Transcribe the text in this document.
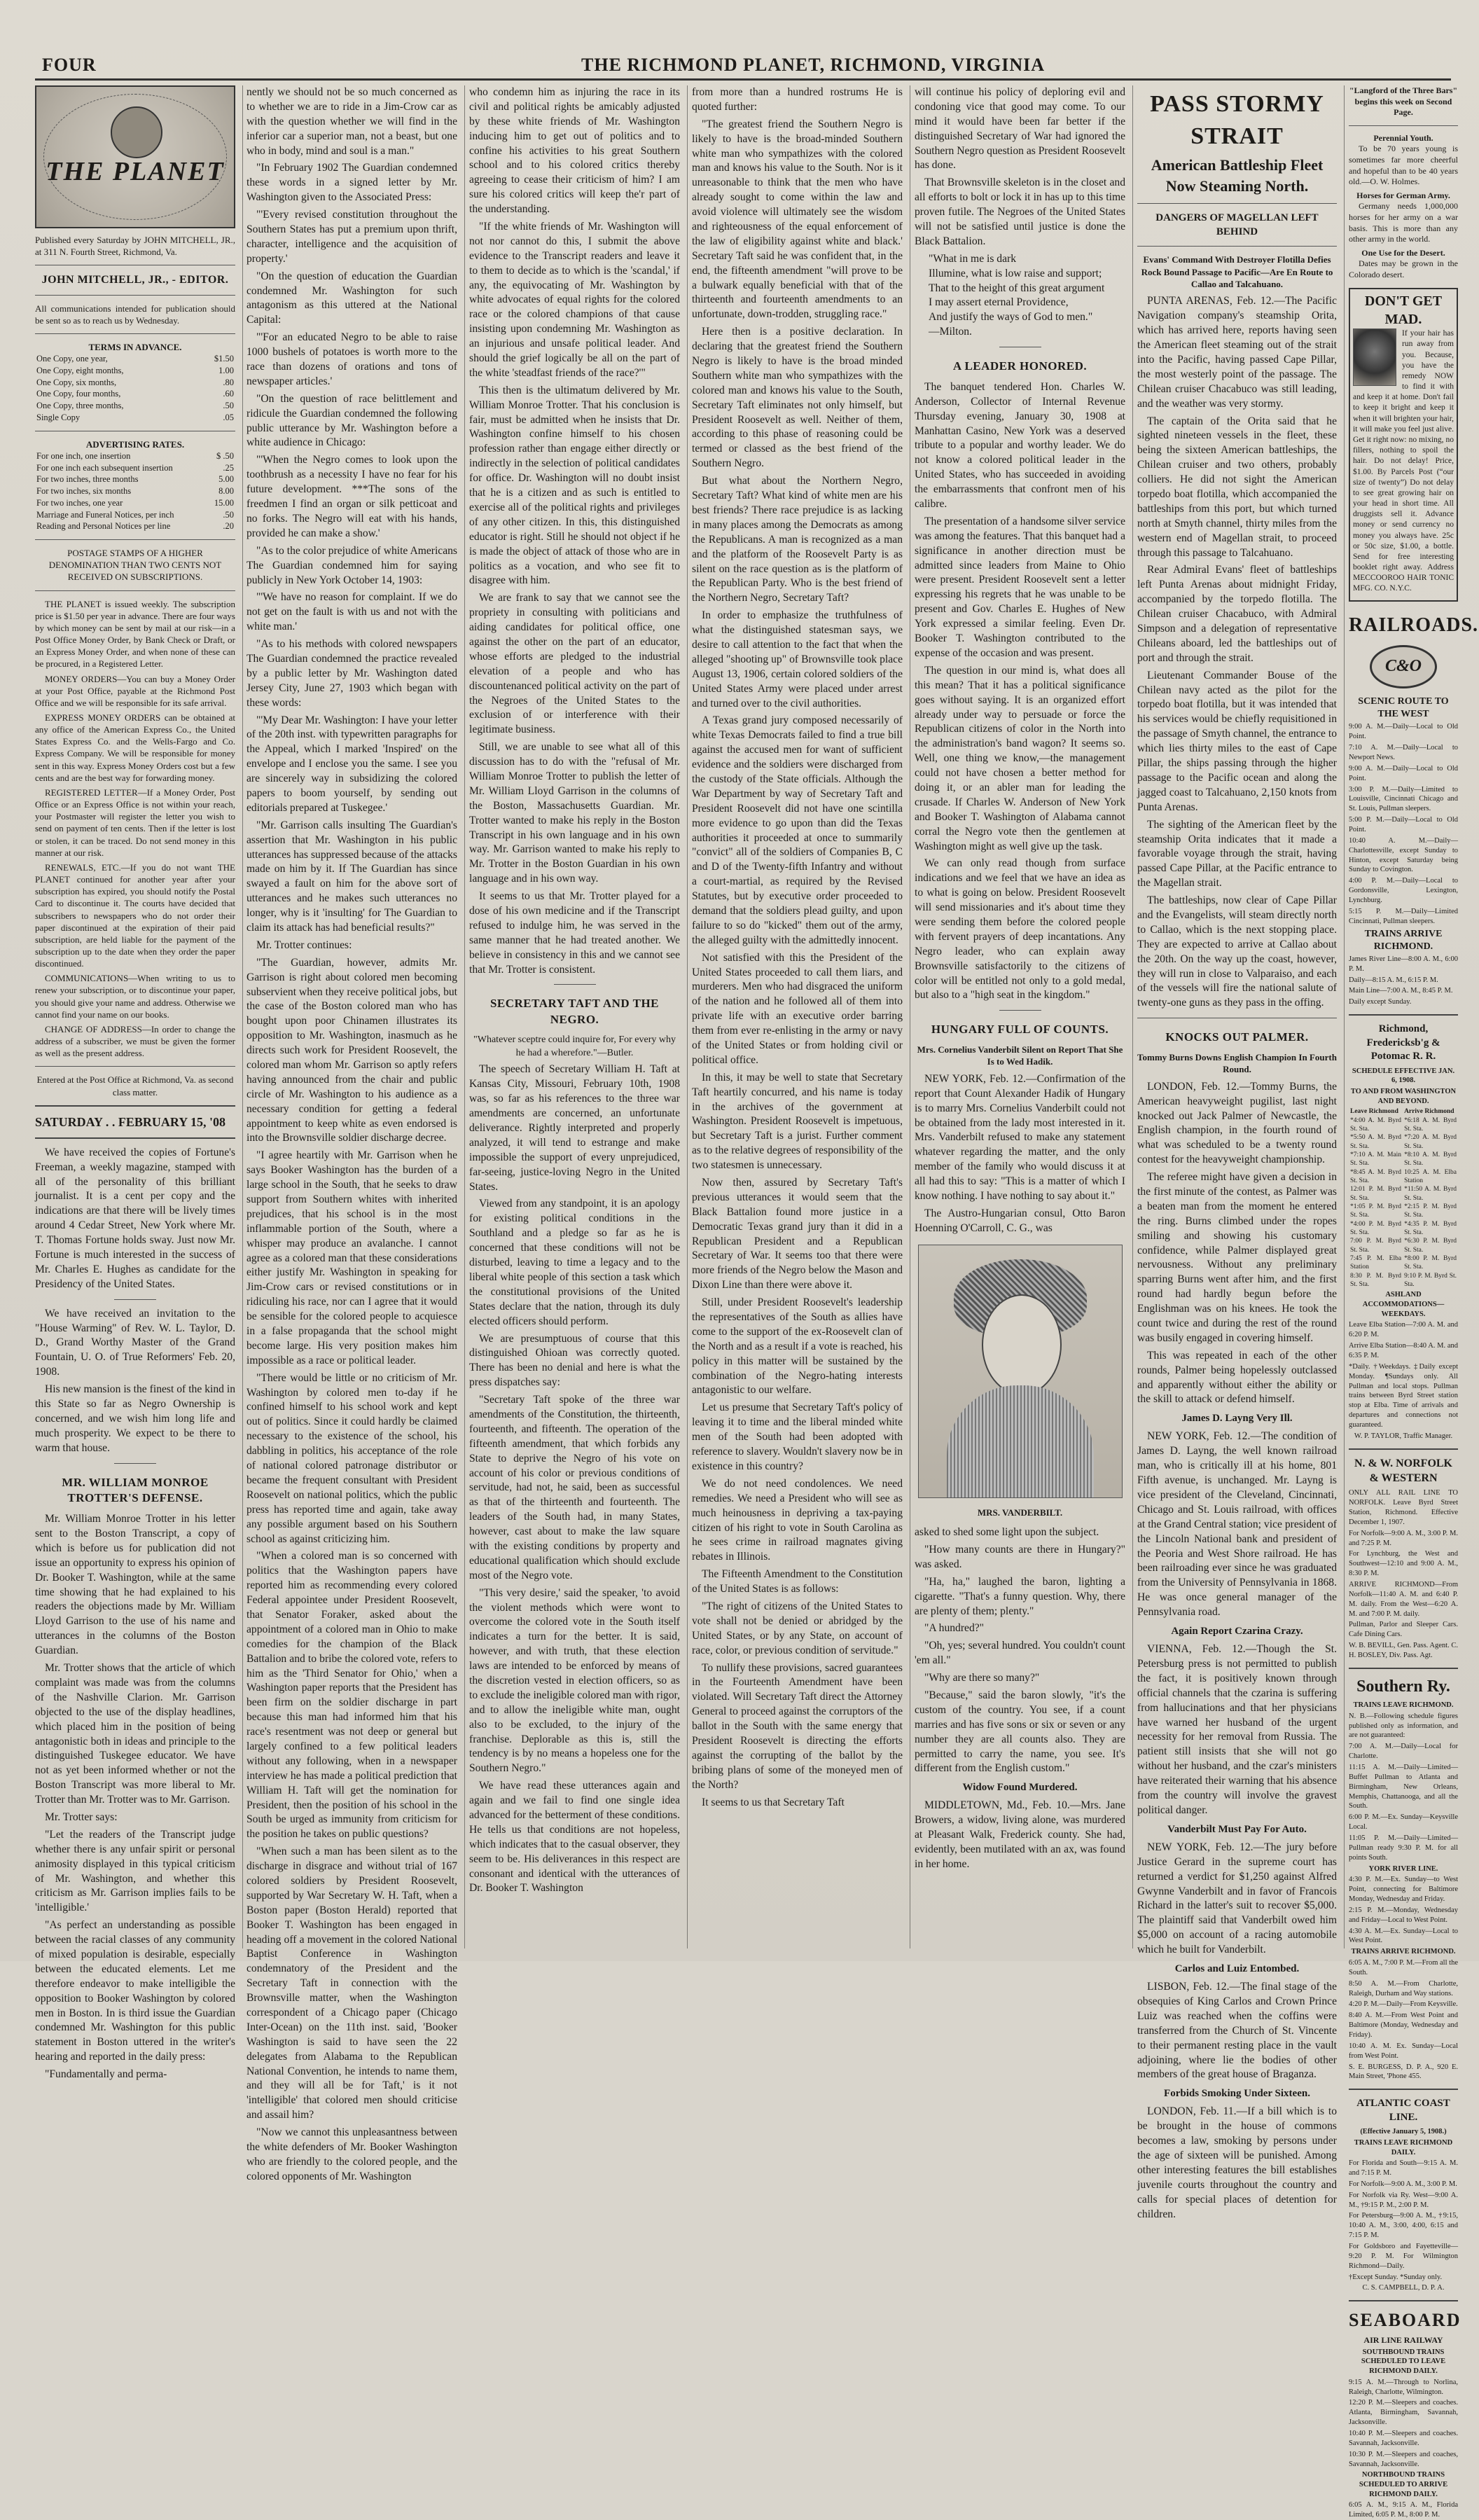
FOUR	THE RICHMOND PLANET, RICHMOND, VIRGINIA
THE PLANET

Published every Saturday by JOHN MITCHELL, JR., at 311 N. Fourth Street, Richmond, Va.

JOHN MITCHELL, JR., - EDITOR.

All communications intended for publication should be sent so as to reach us by Wednesday.

TERMS IN ADVANCE.
One Copy, one year,	$1.50
One Copy, eight months,	1.00
One Copy, six months,	.80
One Copy, four months,	.60
One Copy, three months,	.50
Single Copy	.05
ADVERTISING RATES.
For one inch, one insertion	$ .50
For one inch each subsequent insertion	.25
For two inches, three months	5.00
For two inches, six months	8.00
For two inches, one year	15.00
Marriage and Funeral Notices, per inch	.50
Reading and Personal Notices per line	.20

POSTAGE STAMPS OF A HIGHER DENOMINATION THAN TWO CENTS NOT RECEIVED ON SUBSCRIPTIONS.

THE PLANET is issued weekly. The subscription price is $1.50 per year in advance. There are four ways by which money can be sent by mail at our risk—in a Post Office Money Order, by Bank Check or Draft, or an Express Money Order, and when none of these can be procured, in a Registered Letter.

MONEY ORDERS—You can buy a Money Order at your Post Office, payable at the Richmond Post Office and we will be responsible for its safe arrival.

EXPRESS MONEY ORDERS can be obtained at any office of the American Express Co., the United States Express Co. and the Wells-Fargo and Co. Express Company. We will be responsible for money sent in this way. Express Money Orders cost but a few cents and are the best way for forwarding money.

REGISTERED LETTER—If a Money Order, Post Office or an Express Office is not within your reach, your Postmaster will register the letter you wish to send on payment of ten cents. Then if the letter is lost or stolen, it can be traced. Do not send money in this manner at our risk.

RENEWALS, ETC.—If you do not want THE PLANET continued for another year after your subscription has expired, you should notify the Postal Card to discontinue it. The courts have decided that subscribers to newspapers who do not order their paper discontinued at the expiration of their paid subscription, are held liable for the payment of the subscription up to the date when they order the paper discontinued.

COMMUNICATIONS—When writing to us to renew your subscription, or to discontinue your paper, you should give your name and address. Otherwise we cannot find your name on our books.

CHANGE OF ADDRESS—In order to change the address of a subscriber, we must be given the former as well as the present address.

Entered at the Post Office at Richmond, Va. as second class matter.

SATURDAY . . FEBRUARY 15, '08

We have received the copies of Fortune's Freeman, a weekly magazine, stamped with all of the personality of this brilliant journalist. It is a cent per copy and the indications are that there will be lively times around 4 Cedar Street, New York where Mr. T. Thomas Fortune holds sway. Just now Mr. Fortune is much interested in the success of Mr. Charles E. Hughes as candidate for the Presidency of the United States.

We have received an invitation to the "House Warming" of Rev. W. L. Taylor, D. D., Grand Worthy Master of the Grand Fountain, U. O. of True Reformers' Feb. 20, 1908.

His new mansion is the finest of the kind in this State so far as Negro Ownership is concerned, and we wish him long life and much prosperity. We expect to be there to warm that house.

MR. WILLIAM MONROE TROTTER'S DEFENSE.

Mr. William Monroe Trotter in his letter sent to the Boston Transcript, a copy of which is before us for publication did not issue an opportunity to express his opinion of Dr. Booker T. Washington, while at the same time showing that he had explained to his readers the objections made by Mr. William Lloyd Garrison to the use of his name and utterances in the columns of the Boston Guardian.

Mr. Trotter shows that the article of which complaint was made was from the columns of the Nashville Clarion. Mr. Garrison objected to the use of the display headlines, which placed him in the position of being antagonistic both in ideas and principle to the distinguished Tuskegee educator. We have not as yet been informed whether or not the Boston Transcript was more liberal to Mr. Trotter than Mr. Trotter was to Mr. Garrison.

Mr. Trotter says:

"Let the readers of the Transcript judge whether there is any unfair spirit or personal animosity displayed in this typical criticism of Mr. Washington, and whether this criticism as Mr. Garrison implies fails to be 'intelligible.'

"As perfect an understanding as possible between the racial classes of any community of mixed population is desirable, especially between the educated elements. Let me therefore endeavor to make intelligible the opposition to Booker Washington by colored men in Boston. In is third issue the Guardian condemned Mr. Washington for this public statement in Boston uttered in the writer's hearing and reported in the daily press:

"Fundamentally and perma-

nently we should not be so much concerned as to whether we are to ride in a Jim-Crow car as with the question whether we will find in the inferior car a superior man, not a beast, but one who in body, mind and soul is a man."

"In February 1902 The Guardian condemned these words in a signed letter by Mr. Washington given to the Associated Press:

"'Every revised constitution throughout the Southern States has put a premium upon thrift, character, intelligence and the acquisition of property.'

"On the question of education the Guardian condemned Mr. Washington for such antagonism as this uttered at the National Capital:

"'For an educated Negro to be able to raise 1000 bushels of potatoes is worth more to the race than dozens of orations and tons of newspaper articles.'

"On the question of race belittlement and ridicule the Guardian condemned the following public utterance by Mr. Washington before a white audience in Chicago:

"'When the Negro comes to look upon the toothbrush as a necessity I have no fear for his future development. ***The sons of the freedmen I find an organ or silk petticoat and no forks. The Negro will eat with his hands, provided he can make a show.'

"As to the color prejudice of white Americans The Guardian condemned him for saying publicly in New York October 14, 1903:

"'We have no reason for complaint. If we do not get on the fault is with us and not with the white man.'

"As to his methods with colored newspapers The Guardian condemned the practice revealed by a public letter by Mr. Washington dated Jersey City, June 27, 1903 which began with these words:

"'My Dear Mr. Washington: I have your letter of the 20th inst. with typewritten paragraphs for the Appeal, which I marked 'Inspired' on the envelope and I enclose you the same. I see you are sincerely way in subsidizing the colored papers to boom yourself, by sending out editorials prepared at Tuskegee.'

"Mr. Garrison calls insulting The Guardian's assertion that Mr. Washington in his public utterances has suppressed because of the attacks made on him by it. If The Guardian has since swayed a fault on him for the above sort of utterances and he makes such utterances no longer, why is it 'insulting' for The Guardian to claim its attack has had beneficial results?"

Mr. Trotter continues:

"The Guardian, however, admits Mr. Garrison is right about colored men becoming subservient when they receive political jobs, but the case of the Boston colored man who has bought upon poor Chinamen illustrates its opposition to Mr. Washington, inasmuch as he directs such work for President Roosevelt, the colored man whom Mr. Garrison so aptly refers having announced from the chair and public circle of Mr. Washington to his audience as a necessary condition for getting a federal appointment to keep white as even endorsed is into the Brownsville soldier discharge decree.

"I agree heartily with Mr. Garrison when he says Booker Washington has the burden of a large school in the South, that he seeks to draw support from Southern whites with inherited prejudices, that his school is in the most inflammable portion of the South, where a whisper may produce an avalanche. I cannot agree as a colored man that these considerations either justify Mr. Washington in speaking for Jim-Crow cars or revised constitutions or in ridiculing his race, nor can I agree that it would be sensible for the colored people to acquiesce in a false propaganda that the school might become large. His very position makes him impossible as a race or political leader.

"There would be little or no criticism of Mr. Washington by colored men to-day if he confined himself to his school work and kept out of politics. Since it could hardly be claimed necessary to the existence of the school, his dabbling in politics, his acceptance of the role of national colored patronage distributor or became the frequent consultant with President Roosevelt on national politics, which the public press has reported time and again, take away any possible argument based on his Southern school as against criticizing him.

"When a colored man is so concerned with politics that the Washington papers have reported him as recommending every colored Federal appointee under President Roosevelt, that Senator Foraker, asked about the appointment of a colored man in Ohio to make comedies for the champion of the Black Battalion and to bribe the colored vote, refers to him as the 'Third Senator for Ohio,' when a Washington paper reports that the President has been firm on the soldier discharge in part because this man had informed him that his race's resentment was not deep or general but largely confined to a few political leaders without any following, when in a newspaper interview he has made a political prediction that William H. Taft will get the nomination for President, then the position of his school in the South be urged as immunity from criticism for the position he takes on public questions?

"When such a man has been silent as to the discharge in disgrace and without trial of 167 colored soldiers by President Roosevelt, supported by War Secretary W. H. Taft, when a Boston paper (Boston Herald) reported that Booker T. Washington has been engaged in heading off a movement in the colored National Baptist Conference in Washington condemnatory of the President and the Secretary Taft in connection with the Brownsville matter, when the Washington correspondent of a Chicago paper (Chicago Inter-Ocean) on the 11th inst. said, 'Booker Washington is said to have seen the 22 delegates from Alabama to the Republican National Convention, he intends to name them, and they will all be for Taft,' is it not 'intelligible' that colored men should criticise and assail him?

"Now we cannot this unpleasantness between the white defenders of Mr. Booker Washington who are friendly to the colored people, and the colored opponents of Mr. Washington

who condemn him as injuring the race in its civil and political rights be amicably adjusted by these white friends of Mr. Washington inducing him to get out of politics and to confine his activities to his great Southern school and to his colored critics thereby agreeing to cease their criticism of him? I am sure his colored critics will keep the'r part of the understanding.

"If the white friends of Mr. Washington will not nor cannot do this, I submit the above evidence to the Transcript readers and leave it to them to decide as to which is the 'scandal,' if any, the equivocating of Mr. Washington by white advocates of equal rights for the colored race or the colored champions of that cause insisting upon condemning Mr. Washington as an injurious and unsafe political leader. And should the grief logically be all on the part of the white 'steadfast friends of the race?'"

This then is the ultimatum delivered by Mr. William Monroe Trotter. That his conclusion is fair, must be admitted when he insists that Dr. Washington confine himself to his chosen profession rather than engage either directly or indirectly in the selection of political candidates for office. Dr. Washington will no doubt insist that he is a citizen and as such is entitled to exercise all of the political rights and privileges of any other citizen. In this, this distinguished educator is right. Still he should not object if he is made the object of attack of those who are in politics as a vocation, and who see fit to disagree with him.

We are frank to say that we cannot see the propriety in consulting with politicians and aiding candidates for political office, one against the other on the part of an educator, whose efforts are pledged to the industrial elevation of a people and who has discountenanced political activity on the part of the Negroes of the United States to the exclusion of or interference with their legitimate business.

Still, we are unable to see what all of this discussion has to do with the "refusal of Mr. William Monroe Trotter to publish the letter of Mr. William Lloyd Garrison in the columns of the Boston, Massachusetts Guardian. Mr. Trotter wanted to make his reply in the Boston Transcript in his own language and in his own way. Mr. Garrison wanted to make his reply to Mr. Trotter in the Boston Guardian in his own language and in his own way.

It seems to us that Mr. Trotter played for a dose of his own medicine and if the Transcript refused to indulge him, he was served in the same manner that he had treated another. We believe in consistency in this and we cannot see that Mr. Trotter is consistent.

SECRETARY TAFT AND THE NEGRO.

"Whatever sceptre could inquire for, For every why he had a wherefore."—Butler.

The speech of Secretary William H. Taft at Kansas City, Missouri, February 10th, 1908 was, so far as his references to the three war amendments are concerned, an unfortunate deliverance. Rightly interpreted and properly analyzed, it will tend to estrange and make impossible the support of every unprejudiced, far-seeing, justice-loving Negro in the United States.

Viewed from any standpoint, it is an apology for existing political conditions in the Southland and a pledge so far as he is concerned that these conditions will not be disturbed, leaving to time a legacy and to the liberal white people of this section a task which the constitutional provisions of the United States declare that the nation, through its duly elected officers should perform.

We are presumptuous of course that this distinguished Ohioan was correctly quoted. There has been no denial and here is what the press dispatches say:

"Secretary Taft spoke of the three war amendments of the Constitution, the thirteenth, fourteenth, and fifteenth. The operation of the fifteenth amendment, that which forbids any State to deprive the Negro of his vote on account of his color or previous conditions of servitude, had not, he said, been as successful as that of the thirteenth and fourteenth. The leaders of the South had, in many States, however, cast about to make the law square with the existing conditions by property and educational qualification which should exclude most of the Negro vote.

"This very desire,' said the speaker, 'to avoid the violent methods which were wont to overcome the colored vote in the South itself indicates a turn for the better. It is said, however, and with truth, that these election laws are intended to be enforced by means of the discretion vested in election officers, so as to exclude the ineligible colored man with rigor, and to allow the ineligible white man, ought also to be excluded, to the injury of the franchise. Deplorable as this is, still the tendency is by no means a hopeless one for the Southern Negro."

We have read these utterances again and again and we fail to find one single idea advanced for the betterment of these conditions. He tells us that conditions are not hopeless, which indicates that to the casual observer, they seem to be. His deliverances in this respect are consonant and identical with the utterances of Dr. Booker T. Washington

from more than a hundred rostrums He is quoted further:

"The greatest friend the Southern Negro is likely to have is the broad-minded Southern white man who sympathizes with the colored man and knows his value to the South. Nor is it unreasonable to think that the men who have already sought to come within the law and avoid violence will ultimately see the wisdom and righteousness of the equal enforcement of the law of eligibility against white and black.' Secretary Taft said he was confident that, in the end, the fifteenth amendment "will prove to be a bulwark equally beneficial with that of the thirteenth and fourteenth amendments to an unfortunate, down-trodden, struggling race."

Here then is a positive declaration. In declaring that the greatest friend the Southern Negro is likely to have is the broad minded Southern white man who sympathizes with the colored man and knows his value to the South, Secretary Taft eliminates not only himself, but President Roosevelt as well. Neither of them, according to this phase of reasoning could be termed or classed as the best friend of the Southern Negro.

But what about the Northern Negro, Secretary Taft? What kind of white men are his best friends? There race prejudice is as lacking in many places among the Democrats as among the Republicans. A man is recognized as a man and the platform of the Roosevelt Party is as silent on the race question as is the platform of the Republican Party. Who is the best friend of the Northern Negro, Secretary Taft?

In order to emphasize the truthfulness of what the distinguished statesman says, we desire to call attention to the fact that when the alleged "shooting up" of Brownsville took place August 13, 1906, certain colored soldiers of the United States Army were placed under arrest and turned over to the civil authorities.

A Texas grand jury composed necessarily of white Texas Democrats failed to find a true bill against the accused men for want of sufficient evidence and the soldiers were discharged from the custody of the State officials. Although the War Department by way of Secretary Taft and President Roosevelt did not have one scintilla more evidence to go upon than did the Texas authorities it proceeded at once to summarily "convict" all of the soldiers of Companies B, C and D of the Twenty-fifth Infantry and without a court-martial, as required by the Revised Statutes, but by executive order proceeded to demand that the soldiers plead guilty, and upon failure to so do "kicked" them out of the army, the alleged guilty with the admittedly innocent.

Not satisfied with this the President of the United States proceeded to call them liars, and murderers. Men who had disgraced the uniform of the nation and he followed all of them into private life with an executive order barring them from ever re-enlisting in the army or navy of the United States or from holding civil or political office.

In this, it may be well to state that Secretary Taft heartily concurred, and his name is today in the archives of the government at Washington. President Roosevelt is impetuous, but Secretary Taft is a jurist. Further comment as to the relative degrees of responsibility of the two statesmen is unnecessary.

Now then, assured by Secretary Taft's previous utterances it would seem that the Black Battalion found more justice in a Democratic Texas grand jury than it did in a Republican President and a Republican Secretary of War. It seems too that there were more friends of the Negro below the Mason and Dixon Line than there were above it.

Still, under President Roosevelt's leadership the representatives of the South as allies have come to the support of the ex-Roosevelt clan of the North and as a result if a vote is reached, his policy in this matter will be sustained by the combination of the Negro-hating interests antagonistic to our welfare.

Let us presume that Secretary Taft's policy of leaving it to time and the liberal minded white men of the South had been adopted with reference to slavery. Wouldn't slavery now be in existence in this country?

We do not need condolences. We need remedies. We need a President who will see as much heinousness in depriving a tax-paying citizen of his right to vote in South Carolina as he sees crime in railroad magnates giving rebates in Illinois.

The Fifteenth Amendment to the Constitution of the United States is as follows:

"The right of citizens of the United States to vote shall not be denied or abridged by the United States, or by any State, on account of race, color, or previous condition of servitude."

To nullify these provisions, sacred guarantees in the Fourteenth Amendment have been violated. Will Secretary Taft direct the Attorney General to proceed against the corruptors of the ballot in the South with the same energy that President Roosevelt is directing the efforts against the corrupting of the ballot by the bribing plans of some of the moneyed men of the North?

It seems to us that Secretary Taft

will continue his policy of deploring evil and condoning vice that good may come. To our mind it would have been far better if the distinguished Secretary of War had ignored the Southern Negro question as President Roosevelt has done.

That Brownsville skeleton is in the closet and all efforts to bolt or lock it in has up to this time proven futile. The Negroes of the United States will not be satisfied until justice is done the Black Battalion.

"What in me is dark
Illumine, what is low raise and support;
That to the height of this great argument
I may assert eternal Providence,
And justify the ways of God to men."
—Milton.

A LEADER HONORED.

The banquet tendered Hon. Charles W. Anderson, Collector of Internal Revenue Thursday evening, January 30, 1908 at Manhattan Casino, New York was a deserved tribute to a popular and worthy leader. We do not know a colored political leader in the United States, who has succeeded in avoiding the embarrassments that confront men of his calibre.

The presentation of a handsome silver service was among the features. That this banquet had a significance in another direction must be admitted since leaders from Maine to Ohio were present. President Roosevelt sent a letter expressing his regrets that he was unable to be present and Gov. Charles E. Hughes of New York expressed a similar feeling. Even Dr. Booker T. Washington contributed to the expense of the occasion and was present.

The question in our mind is, what does all this mean? That it has a political significance goes without saying. It is an organized effort already under way to persuade or force the Republican citizens of color in the North into the administration's band wagon? It seems so. Well, one thing we know,—the management could not have chosen a better method for doing it, or an abler man for leading the crusade. If Charles W. Anderson of New York and Booker T. Washington of Alabama cannot corral the Negro vote then the gentlemen at Washington might as well give up the task.

We can only read though from surface indications and we feel that we have an idea as to what is going on below. President Roosevelt will send missionaries and it's about time they were sending them before the colored people with fervent prayers of deep incantations. Any Negro leader, who can explain away Brownsville satisfactorily to the citizens of color will be entitled not only to a gold medal, but also to a "high seat in the kingdom."

HUNGARY FULL OF COUNTS.
Mrs. Cornelius Vanderbilt Silent on Report That She Is to Wed Hadik.

NEW YORK, Feb. 12.—Confirmation of the report that Count Alexander Hadik of Hungary is to marry Mrs. Cornelius Vanderbilt could not be obtained from the lady most interested in it. Mrs. Vanderbilt refused to make any statement whatever regarding the matter, and the only member of the family who would discuss it at all had this to say: "This is a matter of which I know nothing. I have nothing to say about it."

The Austro-Hungarian consul, Otto Baron Hoenning O'Carroll, C. G., was

MRS. VANDERBILT.

asked to shed some light upon the subject.

"How many counts are there in Hungary?" was asked.

"Ha, ha," laughed the baron, lighting a cigarette. "That's a funny question. Why, there are plenty of them; plenty."

"A hundred?"

"Oh, yes; several hundred. You couldn't count 'em all."

"Why are there so many?"

"Because," said the baron slowly, "it's the custom of the country. You see, if a count marries and has five sons or six or seven or any number they are all counts also. They are permitted to carry the name, you see. It's different from the English custom."

Widow Found Murdered.

MIDDLETOWN, Md., Feb. 10.—Mrs. Jane Browers, a widow, living alone, was murdered at Pleasant Walk, Frederick county. She had, evidently, been mutilated with an ax, was found in her home.

PASS STORMY STRAIT
American Battleship Fleet Now Steaming North.
DANGERS OF MAGELLAN LEFT BEHIND
Evans' Command With Destroyer Flotilla Defies Rock Bound Passage to Pacific—Are En Route to Callao and Talcahuano.

PUNTA ARENAS, Feb. 12.—The Pacific Navigation company's steamship Orita, which has arrived here, reports having seen the American fleet steaming out of the strait into the Pacific, having passed Cape Pillar, the most westerly point of the passage. The Chilean cruiser Chacabuco was still leading, and the weather was very stormy.

The captain of the Orita said that he sighted nineteen vessels in the fleet, these being the sixteen American battleships, the Chilean cruiser and two others, probably colliers. He did not sight the American torpedo boat flotilla, which accompanied the battleships from this port, but which turned north at Smyth channel, thirty miles from the western end of Magellan strait, to proceed through this passage to Talcahuano.

Rear Admiral Evans' fleet of battleships left Punta Arenas about midnight Friday, accompanied by the torpedo flotilla. The Chilean cruiser Chacabuco, with Admiral Simpson and a delegation of representative Chileans aboard, led the battleships out of port and through the strait.

Lieutenant Commander Bouse of the Chilean navy acted as the pilot for the torpedo boat flotilla, but it was intended that his services would be chiefly requisitioned in the passage of Smyth channel, the entrance to which lies thirty miles to the east of Cape Pillar, the ships passing through the higher passage to the Pacific ocean and along the jagged coast to Talcahuano, 2,150 knots from Punta Arenas.

The sighting of the American fleet by the steamship Orita indicates that it made a favorable voyage through the strait, having passed Cape Pillar, at the Pacific entrance to the Magellan strait.

The battleships, now clear of Cape Pillar and the Evangelists, will steam directly north to Callao, which is the next stopping place. They are expected to arrive at Callao about the 20th. On the way up the coast, however, they will run in close to Valparaiso, and each of the vessels will fire the national salute of twenty-one guns as they pass in the offing.

KNOCKS OUT PALMER.
Tommy Burns Downs English Champion In Fourth Round.

LONDON, Feb. 12.—Tommy Burns, the American heavyweight pugilist, last night knocked out Jack Palmer of Newcastle, the English champion, in the fourth round of what was scheduled to be a twenty round contest for the heavyweight championship.

The referee might have given a decision in the first minute of the contest, as Palmer was a beaten man from the moment he entered the ring. Burns climbed under the ropes smiling and showing his customary confidence, while Palmer displayed great nervousness. Without any preliminary sparring Burns went after him, and the first round had hardly begun before the Englishman was on his knees. He took the count twice and during the rest of the round was busily engaged in covering himself.

This was repeated in each of the other rounds, Palmer being hopelessly outclassed and apparently without either the ability or the skill to attack or defend himself.

James D. Layng Very Ill.

NEW YORK, Feb. 12.—The condition of James D. Layng, the well known railroad man, who is critically ill at his home, 801 Fifth avenue, is unchanged. Mr. Layng is vice president of the Cleveland, Cincinnati, Chicago and St. Louis railroad, with offices at the Grand Central station; vice president of the Lincoln National bank and president of the Peoria and West Shore railroad. He has been railroading ever since he was graduated from the University of Pennsylvania in 1868. He was once general manager of the Pennsylvania road.

Again Report Czarina Crazy.

VIENNA, Feb. 12.—Though the St. Petersburg press is not permitted to publish the fact, it is positively known through official channels that the czarina is suffering from hallucinations and that her physicians have warned her husband of the urgent necessity for her removal from Russia. The patient still insists that she will not go without her husband, and the czar's ministers have reiterated their warning that his absence from the country will involve the gravest political danger.

Vanderbilt Must Pay For Auto.

NEW YORK, Feb. 12.—The jury before Justice Gerard in the supreme court has returned a verdict for $1,250 against Alfred Gwynne Vanderbilt and in favor of Francois Richard in the latter's suit to recover $5,000. The plaintiff said that Vanderbilt owed him $5,000 on account of a racing automobile which he built for Vanderbilt.

Carlos and Luiz Entombed.

LISBON, Feb. 12.—The final stage of the obsequies of King Carlos and Crown Prince Luiz was reached when the coffins were transferred from the Church of St. Vincente to their permanent resting place in the vault adjoining, where lie the bodies of other members of the great house of Braganza.

Forbids Smoking Under Sixteen.

LONDON, Feb. 11.—If a bill which is to be brought in the house of commons becomes a law, smoking by persons under the age of sixteen will be punished. Among other interesting features the bill establishes juvenile courts throughout the country and calls for special places of detention for children.

"Langford of the Three Bars" begins this week on Second Page.

Perennial Youth.

To be 70 years young is sometimes far more cheerful and hopeful than to be 40 years old.—O. W. Holmes.

Horses for German Army.

Germany needs 1,000,000 horses for her army on a war basis. This is more than any other army in the world.

One Use for the Desert.

Dates may be grown in the Colorado desert.

DON'T GET MAD.

If your hair has run away from you. Because, you have the remedy NOW to find it with and keep it at home. Don't fail to keep it bright and keep it when it will brighten your hair, it will make you feel just alive. Get it right now: no mixing, no fillers, nothing to spoil the hair. Do not delay! Price, $1.00. By Parcels Post (“our size of twenty”) Do not delay to see great growing hair on your head in short time. All druggists sell it. Advance money or send currency no money you always have. 25c or 50c size, $1.00, a bottle. Send for free interesting booklet right away. Address MECCOOROO HAIR TONIC MFG. CO. N.Y.C.

RAILROADS.
C&O
SCENIC ROUTE TO THE WEST
9:00 A. M.—Daily—Local to Old Point.
7:10 A. M.—Daily—Local to Newport News.
9:00 A. M.—Daily—Local to Old Point.
3:00 P. M.—Daily—Limited to Louisville, Cincinnati Chicago and St. Louis, Pullman sleepers.
5:00 P. M.—Daily—Local to Old Point.
10:40 A. M.—Daily—Charlottesville, except Sunday to Hinton, except Saturday being Sunday to Covington.
4:00 P. M.—Daily—Local to Gordonsville, Lexington, Lynchburg.
5:15 P. M.—Daily—Limited Cincinnati, Pullman sleepers.
TRAINS ARRIVE RICHMOND.
James River Line—8:00 A. M., 6:00 P. M.
Daily—8:15 A. M., 6:15 P. M.
Main Line—7:00 A. M., 8:45 P. M.
Daily except Sunday.
Richmond, Fredericksb'g & Potomac R. R.
SCHEDULE EFFECTIVE JAN. 6, 1908.
TO AND FROM WASHINGTON AND BEYOND.
Leave Richmond	Arrive Richmond
*4:00 A. M. Byrd St. Sta.	*6:18 A. M. Byrd St. Sta.
*5:50 A. M. Byrd St. Sta.	*7:20 A. M. Byrd St. Sta.
*7:10 A. M. Main St. Sta.	*8:10 A. M. Byrd St. Sta.
*8:45 A. M. Byrd St. Sta.	10:25 A. M. Elba Station
12:01 P. M. Byrd St. Sta.	*11:50 A. M. Byrd St. Sta.
*1:05 P. M. Byrd St. Sta.	*2:15 P. M. Byrd St. Sta.
*4:00 P. M. Byrd St. Sta.	*4:35 P. M. Byrd St. Sta.
7:00 P. M. Byrd St. Sta.	*6:30 P. M. Byrd St. Sta.
7:45 P. M. Elba Station	*8:00 P. M. Byrd St. Sta.
8:30 P. M. Byrd St. Sta.	9:10 P. M. Byrd St. Sta.
ASHLAND ACCOMMODATIONS—WEEKDAYS.
Leave Elba Station—7:00 A. M. and 6:20 P. M.
Arrive Elba Station—8:40 A. M. and 6:35 P. M.
*Daily. †Weekdays. ‡Daily except Monday. ¶Sundays only. All Pullman and local stops. Pullman trains between Byrd Street station stop at Elba. Time of arrivals and departures and connections not guaranteed.
W. P. TAYLOR, Traffic Manager.
N. & W. NORFOLK & WESTERN
ONLY ALL RAIL LINE TO NORFOLK. Leave Byrd Street Station, Richmond. Effective December 1, 1907.
For Norfolk—9:00 A. M., 3:00 P. M. and 7:25 P. M.
For Lynchburg, the West and Southwest—12:10 and 9:00 A. M., 8:30 P. M.
ARRIVE RICHMOND—From Norfolk—11:40 A. M. and 6:40 P. M. daily. From the West—6:20 A. M. and 7:00 P. M. daily.
Pullman, Parlor and Sleeper Cars. Cafe Dining Cars.
W. B. BEVILL, Gen. Pass. Agent. C. H. BOSLEY, Div. Pass. Agt.
Southern Ry.
TRAINS LEAVE RICHMOND.
N. B.—Following schedule figures published only as information, and are not guaranteed:
7:00 A. M.—Daily—Local for Charlotte.
11:15 A. M.—Daily—Limited—Buffet Pullman to Atlanta and Birmingham, New Orleans, Memphis, Chattanooga, and all the South.
6:00 P. M.—Ex. Sunday—Keysville Local.
11:05 P. M.—Daily—Limited—Pullman ready 9:30 P. M. for all points South.
YORK RIVER LINE.
4:30 P. M.—Ex. Sunday—to West Point, connecting for Baltimore Monday, Wednesday and Friday.
2:15 P. M.—Monday, Wednesday and Friday—Local to West Point.
4:30 A. M.—Ex. Sunday—Local to West Point.
TRAINS ARRIVE RICHMOND.
6:05 A. M., 7:00 P. M.—From all the South.
8:50 A. M.—From Charlotte, Raleigh, Durham and Way stations.
4:20 P. M.—Daily—From Keysville.
8:40 A. M.—From West Point and Baltimore (Monday, Wednesday and Friday).
10:40 A. M. Ex. Sunday—Local from West Point.
S. E. BURGESS, D. P. A., 920 E. Main Street, 'Phone 455.
ATLANTIC COAST LINE.
(Effective January 5, 1908.)
TRAINS LEAVE RICHMOND DAILY.
For Florida and South—9:15 A. M. and 7:15 P. M.
For Norfolk—9:00 A. M., 3:00 P. M.
For Norfolk via Ry. West—9:00 A. M., †9:15 P. M., 2:00 P. M.
For Petersburg—9:00 A. M., †9:15, 10:40 A. M., 3:00, 4:00, 6:15 and 7:15 P. M.
For Goldsboro and Fayetteville—9:20 P. M. For Wilmington Richmond—Daily.
†Except Sunday. *Sunday only.
C. S. CAMPBELL, D. P. A.
SEABOARD
AIR LINE RAILWAY
SOUTHBOUND TRAINS SCHEDULED TO LEAVE RICHMOND DAILY.
9:15 A. M.—Through to Norlina, Raleigh, Charlotte, Wilmington.
12:20 P. M.—Sleepers and coaches. Atlanta, Birmingham, Savannah, Jacksonville.
10:40 P. M.—Sleepers and coaches. Savannah, Jacksonville.
10:30 P. M.—Sleepers and coaches, Savannah, Jacksonville.
NORTHBOUND TRAINS SCHEDULED TO ARRIVE RICHMOND DAILY.
6:05 A. M., 9:15 A. M., Florida Limited, 6:05 P. M., 8:00 P. M.
